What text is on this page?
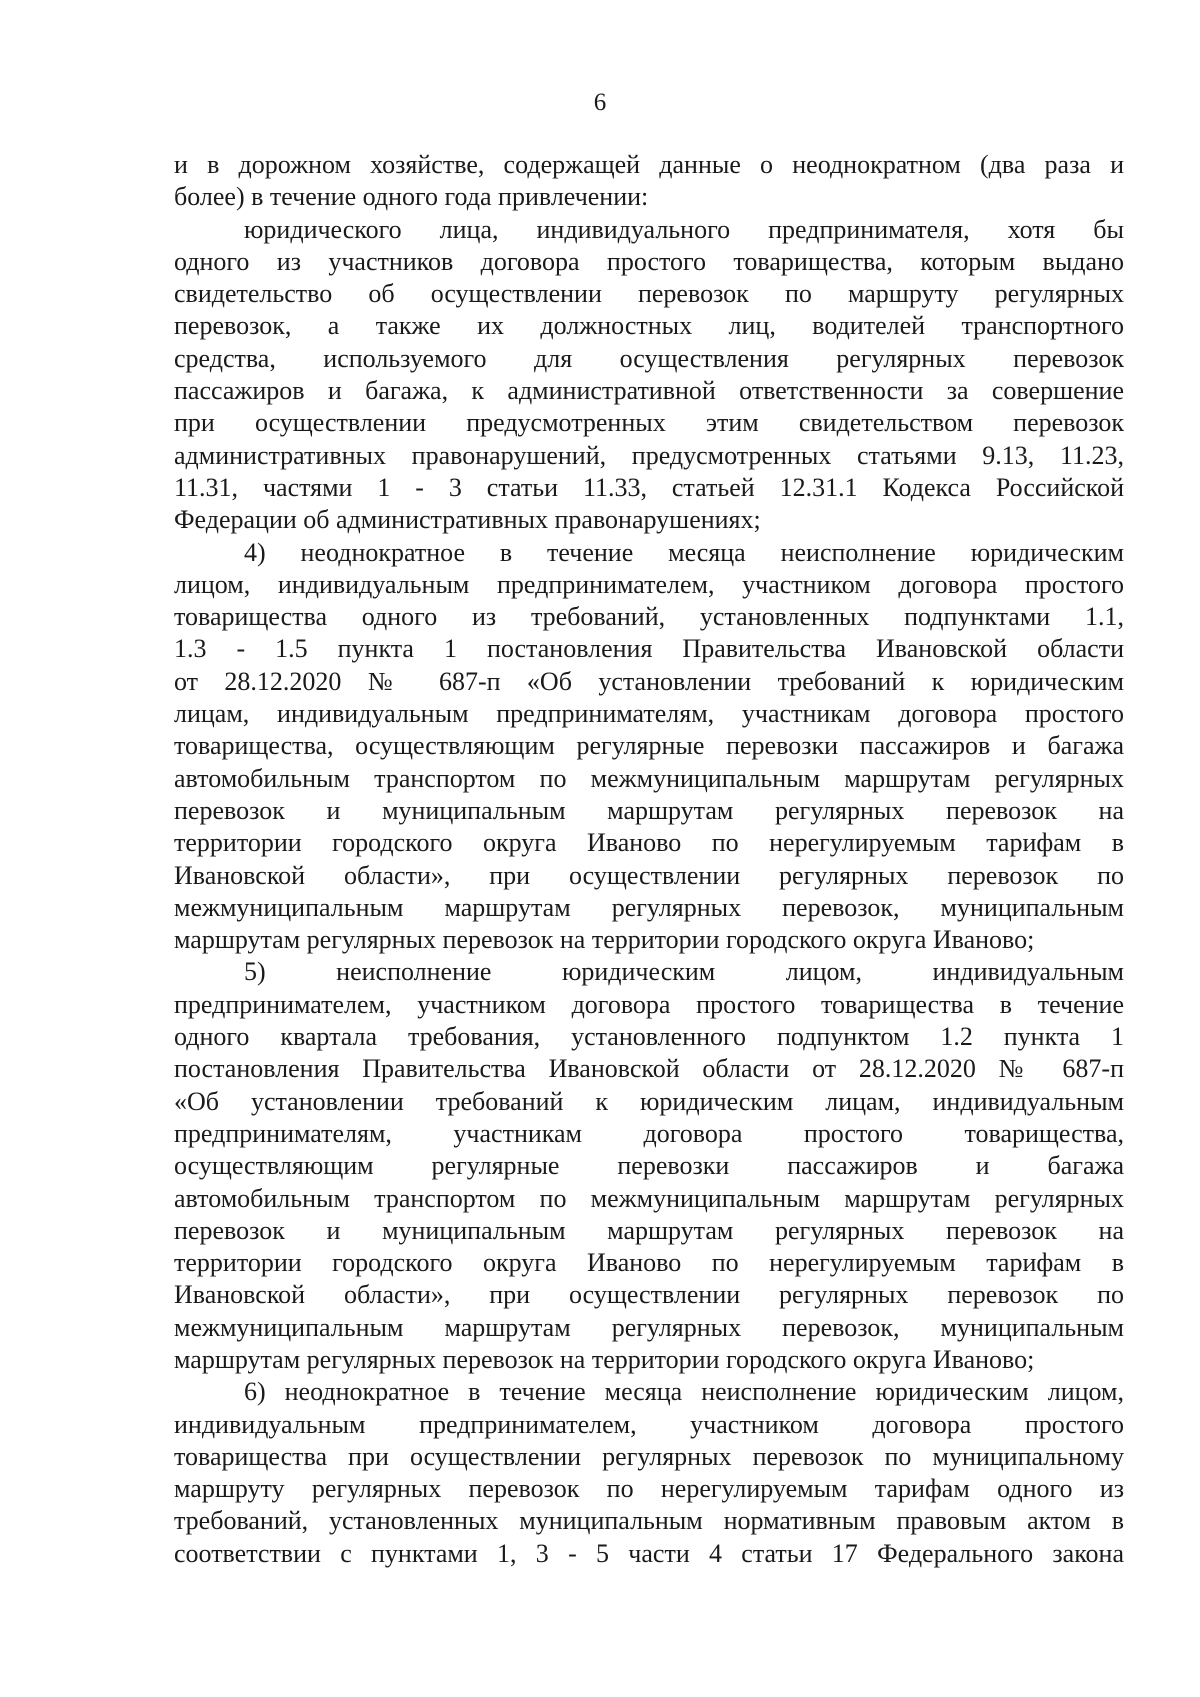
6

и в дорожном хозяйстве, содержащей данные о неоднократном (два раза и

более) в течение одного года привлечении:

юридического лица, индивидуального предпринимателя, хотя бы

одного из участников договора простого товарищества, которым выдано

свидетельство об осуществлении перевозок по маршруту регулярных

перевозок, а также их должностных лиц, водителей транспортного

средства, используемого для осуществления регулярных перевозок

пассажиров и багажа, к административной ответственности за совершение

при осуществлении предусмотренных этим свидетельством перевозок

административных правонарушений, предусмотренных статьями 9.13, 11.23,

11.31, частями 1 - 3 статьи 11.33, статьей 12.31.1 Кодекса Российской

Федерации об административных правонарушениях;

4) неоднократное в течение месяца неисполнение юридическим

лицом, индивидуальным предпринимателем, участником договора простого

товарищества одного из требований, установленных подпунктами 1.1,

1.3 - 1.5 пункта 1 постановления Правительства Ивановской области

от 28.12.2020 № 687-п «Об установлении требований к юридическим

лицам, индивидуальным предпринимателям, участникам договора простого

товарищества, осуществляющим регулярные перевозки пассажиров и багажа

автомобильным транспортом по межмуниципальным маршрутам регулярных

перевозок и муниципальным маршрутам регулярных перевозок на

территории городского округа Иваново по нерегулируемым тарифам в

Ивановской области», при осуществлении регулярных перевозок по

межмуниципальным маршрутам регулярных перевозок, муниципальным

маршрутам регулярных перевозок на территории городского округа Иваново;

5) неисполнение юридическим лицом, индивидуальным

предпринимателем, участником договора простого товарищества в течение

одного квартала требования, установленного подпунктом 1.2 пункта 1

постановления Правительства Ивановской области от 28.12.2020 № 687-п

«Об установлении требований к юридическим лицам, индивидуальным

предпринимателям, участникам договора простого товарищества,

осуществляющим регулярные перевозки пассажиров и багажа

автомобильным транспортом по межмуниципальным маршрутам регулярных

перевозок и муниципальным маршрутам регулярных перевозок на

территории городского округа Иваново по нерегулируемым тарифам в

Ивановской области», при осуществлении регулярных перевозок по

межмуниципальным маршрутам регулярных перевозок, муниципальным

маршрутам регулярных перевозок на территории городского округа Иваново;

6) неоднократное в течение месяца неисполнение юридическим лицом,

индивидуальным предпринимателем, участником договора простого

товарищества при осуществлении регулярных перевозок по муниципальному

маршруту регулярных перевозок по нерегулируемым тарифам одного из

требований, установленных муниципальным нормативным правовым актом в

соответствии с пунктами 1, 3 - 5 части 4 статьи 17 Федерального закона
